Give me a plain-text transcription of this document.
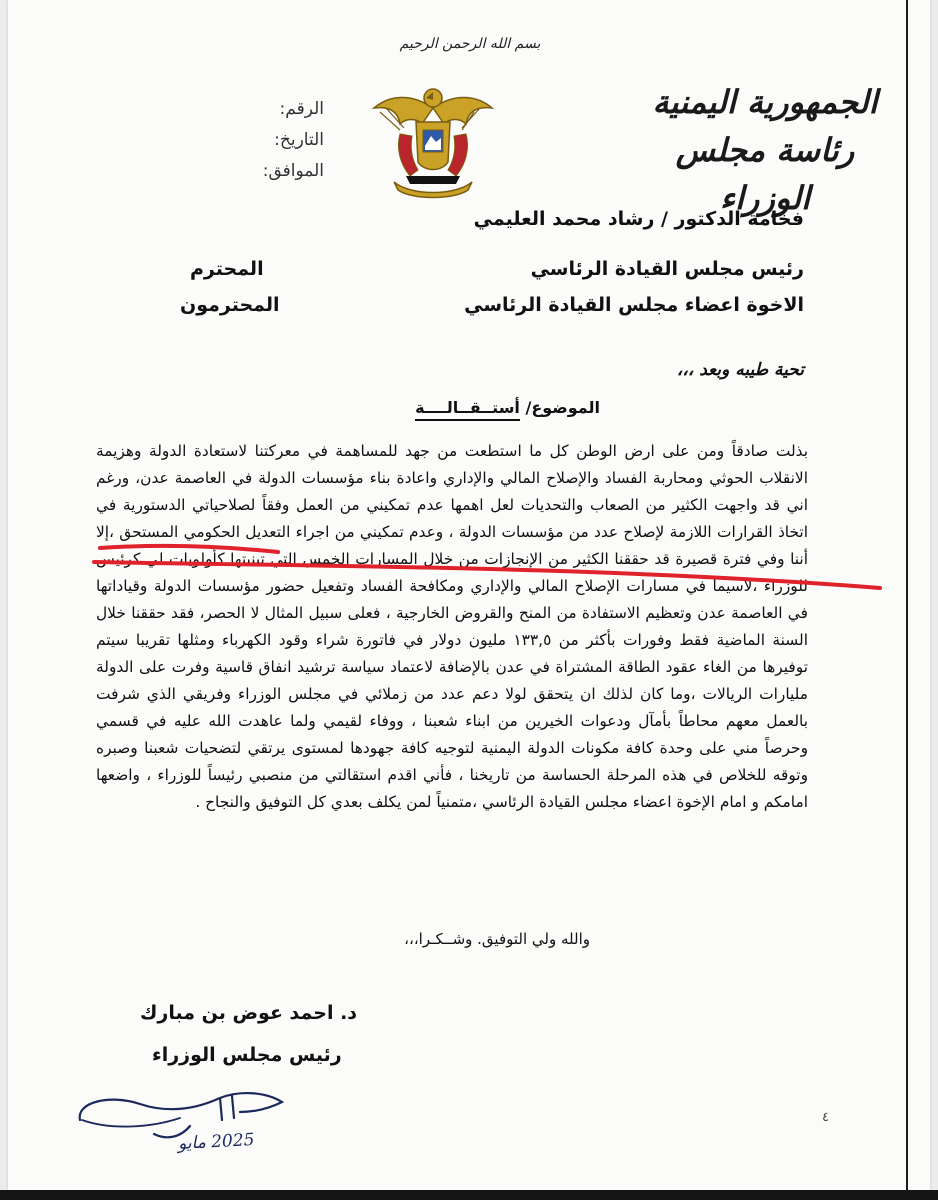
بسم الله الرحمن الرحيم
الجمهورية اليمنية
رئاسة مجلس الوزراء
الرقم
:
التاريخ
:
الموافق
:
فخامة الدكتور / رشاد محمد العليمي
رئيس مجلس القيادة الرئاسي
المحترم
الاخوة اعضاء مجلس القيادة الرئاسي
المحترمون
تحية طيبه وبعد ،،،
الموضوع/ أستــقــالــــة

بذلت صادقاً ومن على ارض الوطن كل ما استطعت من جهد للمساهمة في معركتنا لاستعادة الدولة وهزيمة الانقلاب الحوثي ومحاربة الفساد والإصلاح المالي والإداري واعادة بناء مؤسسات الدولة في العاصمة عدن، ورغم اني قد واجهت الكثير من الصعاب والتحديات لعل اهمها عدم تمكيني من العمل وفقاً لصلاحياتي الدستورية في اتخاذ القرارات اللازمة لإصلاح عدد من مؤسسات الدولة ، وعدم تمكيني من اجراء التعديل الحكومي المستحق ،إلا أننا وفي فترة قصيرة قد حققنا الكثير من الإنجازات من خلال المسارات الخمس التي تبنيتها كأولويات لي كرئيس للوزراء ،لاسيما في مسارات الإصلاح المالي والإداري ومكافحة الفساد وتفعيل حضور مؤسسات الدولة وقياداتها في العاصمة عدن وتعظيم الاستفادة من المنح والقروض الخارجية ، فعلى سبيل المثال لا الحصر، فقد حققنا خلال السنة الماضية فقط وفورات بأكثر من ١٣٣,٥ مليون دولار في فاتورة شراء وقود الكهرباء ومثلها تقريبا سيتم توفيرها من الغاء عقود الطاقة المشتراة في عدن بالإضافة لاعتماد سياسة ترشيد انفاق قاسية وفرت على الدولة مليارات الريالات ،وما كان لذلك ان يتحقق لولا دعم عدد من زملائي في مجلس الوزراء وفريقي الذي شرفت بالعمل معهم محاطاً بأمآل ودعوات الخيرين من ابناء شعبنا ، ووفاء لقيمي ولما عاهدت الله عليه في قسمي وحرصاً مني على وحدة كافة مكونات الدولة اليمنية لتوجيه كافة جهودها لمستوى يرتقي لتضحيات شعبنا وصبره وتوقه للخلاص في هذه المرحلة الحساسة من تاريخنا ، فأني اقدم استقالتي من منصبي رئيساً للوزراء ، واضعها امامكم و امام الإخوة اعضاء مجلس القيادة الرئاسي ،متمنياً لمن يكلف بعدي كل التوفيق والنجاح .

والله ولي التوفيق. وشــكـرا،،،
د. احمد عوض بن مبارك
رئيس مجلس الوزراء
2025 مايو
٤
